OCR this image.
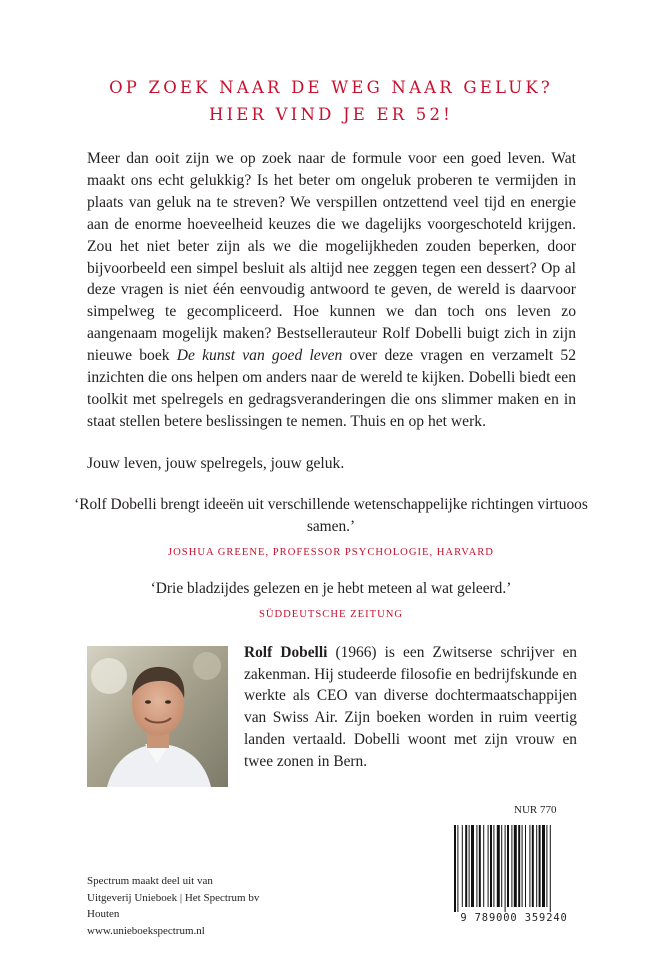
OP ZOEK NAAR DE WEG NAAR GELUK?
HIER VIND JE ER 52!

Meer dan ooit zijn we op zoek naar de formule voor een goed leven. Wat maakt ons echt gelukkig? Is het beter om ongeluk proberen te vermijden in plaats van geluk na te streven? We verspillen ontzettend veel tijd en energie aan de enorme hoeveelheid keuzes die we dagelijks voorgeschoteld krijgen. Zou het niet beter zijn als we die mogelijkheden zouden beperken, door bijvoorbeeld een simpel besluit als altijd nee zeggen tegen een dessert? Op al deze vragen is niet één eenvoudig antwoord te geven, de wereld is daarvoor simpelweg te gecompliceerd. Hoe kunnen we dan toch ons leven zo aangenaam mogelijk maken? Bestsellerauteur Rolf Dobelli buigt zich in zijn nieuwe boek De kunst van goed leven over deze vragen en verzamelt 52 inzichten die ons helpen om anders naar de wereld te kijken. Dobelli biedt een toolkit met spelregels en gedragsveranderingen die ons slimmer maken en in staat stellen betere beslissingen te nemen. Thuis en op het werk.

Jouw leven, jouw spelregels, jouw geluk.
‘Rolf Dobelli brengt ideeën uit verschillende wetenschappelijke richtingen virtuoos samen.’
JOSHUA GREENE, PROFESSOR PSYCHOLOGIE, HARVARD
‘Drie bladzijdes gelezen en je hebt meteen al wat geleerd.’
SÜDDEUTSCHE ZEITUNG

Rolf Dobelli (1966) is een Zwitserse schrijver en zakenman. Hij studeerde filosofie en bedrijfskunde en werkte als CEO van diverse dochtermaatschappijen van Swiss Air. Zijn boeken worden in ruim veertig landen vertaald. Dobelli woont met zijn vrouw en twee zonen in Bern.

NUR 770
9 789000 359240
Spectrum maakt deel uit van
Uitgeverij Unieboek | Het Spectrum bv
Houten
www.unieboekspectrum.nl
